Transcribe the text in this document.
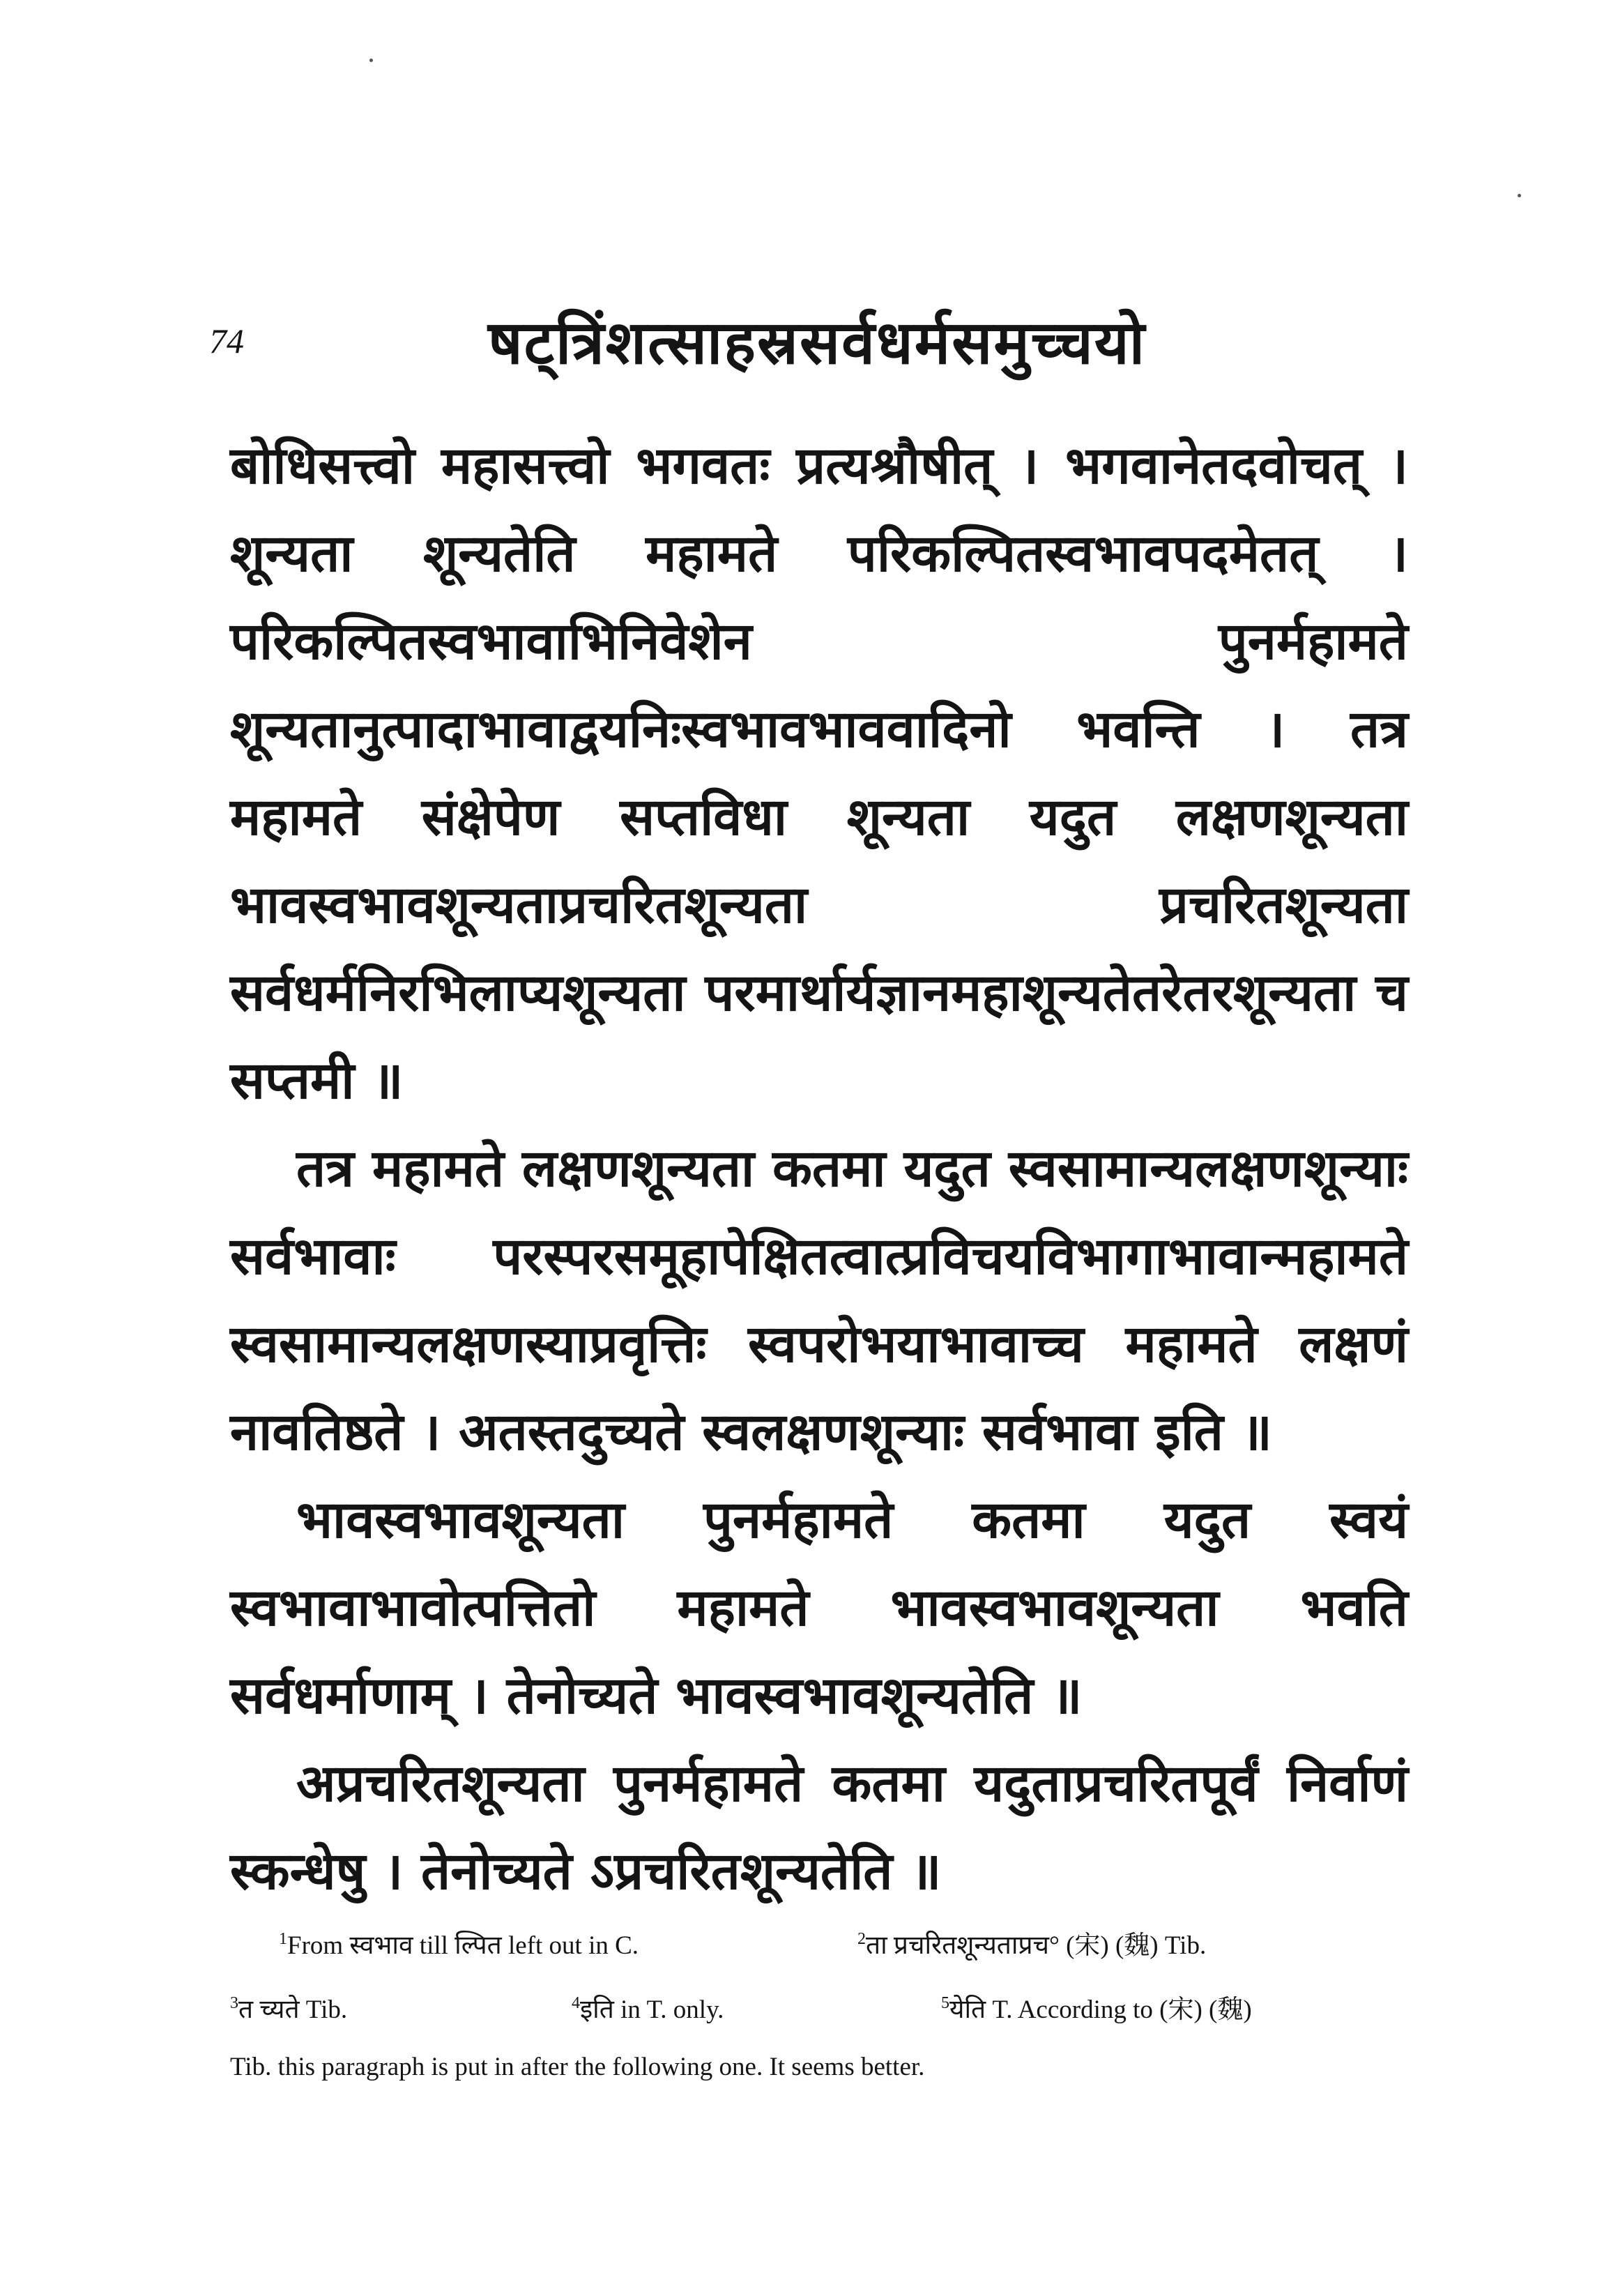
74	षट्त्रिंशत्साहस्रसर्वधर्मसमुच्चयो

बोधिसत्त्वो महासत्त्वो भगवतः प्रत्यश्रौषीत् । भगवानेतदवोचत् । शून्यता शून्यतेति महामते परिकल्पितस्वभावपदमेतत् । परिकल्पितस्वभावाभिनिवेशेन पुनर्महामते शून्यतानुत्पादाभावाद्वयनिःस्वभावभाववादिनो भवन्ति । तत्र महामते संक्षेपेण सप्तविधा शून्यता यदुत लक्षणशून्यता भावस्वभावशून्यताप्रचरितशून्यता प्रचरितशून्यता सर्वधर्मनिरभिलाप्यशून्यता परमार्थार्यज्ञानमहाशून्यतेतरेतरशून्यता च सप्तमी ॥

तत्र महामते लक्षणशून्यता कतमा यदुत स्वसामान्यलक्षणशून्याः सर्वभावाः परस्परसमूहापेक्षितत्वात्प्रविचयविभागाभावान्महामते स्वसामान्यलक्षणस्याप्रवृत्तिः स्वपरोभयाभावाच्च महामते लक्षणं नावतिष्ठते । अतस्तदुच्यते स्वलक्षणशून्याः सर्वभावा इति ॥

भावस्वभावशून्यता पुनर्महामते कतमा यदुत स्वयं स्वभावाभावोत्पत्तितो महामते भावस्वभावशून्यता भवति सर्वधर्माणाम् । तेनोच्यते भावस्वभावशून्यतेति ॥

अप्रचरितशून्यता पुनर्महामते कतमा यदुताप्रचरितपूर्वं निर्वाणं स्कन्धेषु । तेनोच्यते ऽप्रचरितशून्यतेति ॥

$^1$From स्वभाव till ल्पित left out in C.	$^2$ता प्रचरितशून्यताप्रच° (宋) (魏) Tib.
$^3$त च्यते Tib.	$^4$इति in T. only.	$^5$येति T. According to (宋) (魏)
Tib. this paragraph is put in after the following one. It seems better.
